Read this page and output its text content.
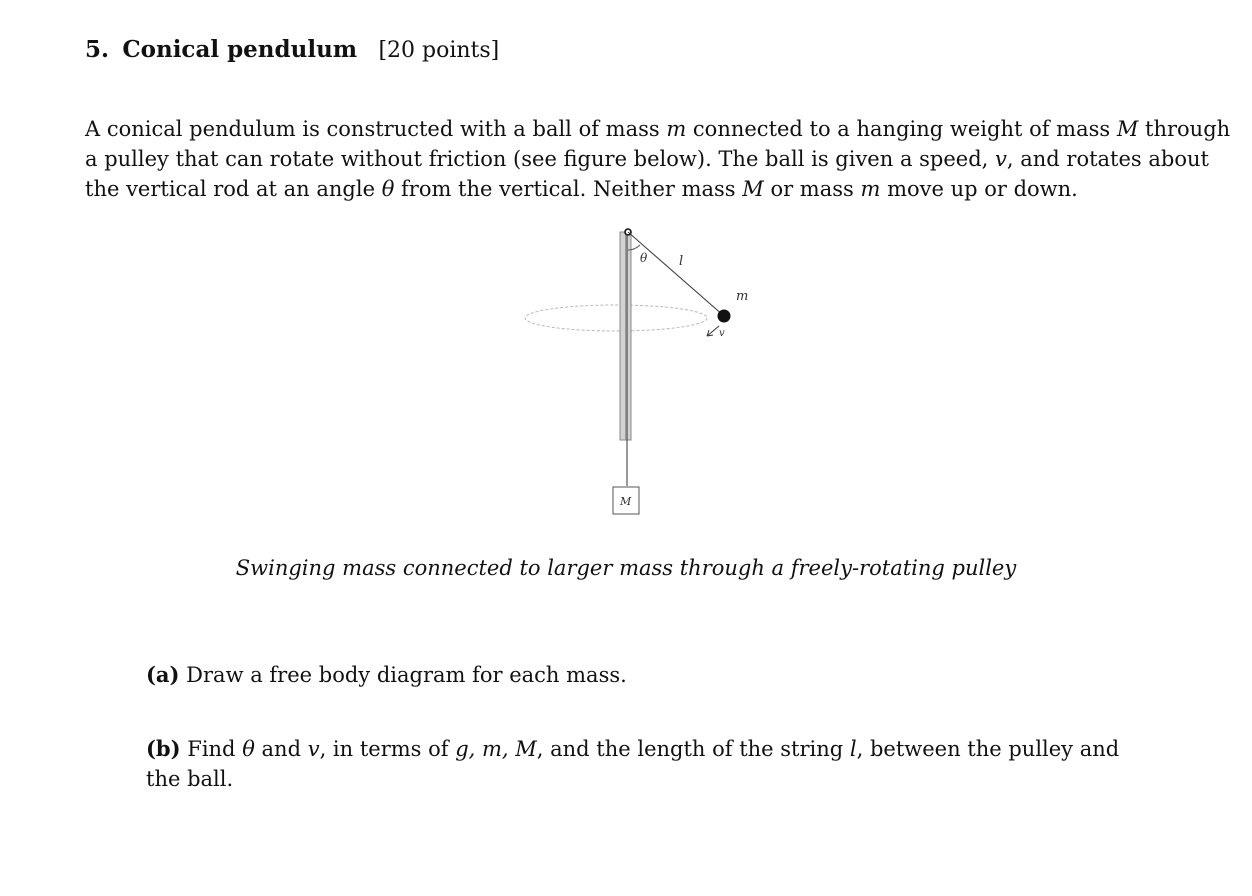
5. Conical pendulum [20 points]
A conical pendulum is constructed with a ball of mass m connected to a hanging weight of mass M through
a pulley that can rotate without friction (see figure below). The ball is given a speed, v, and rotates about
the vertical rod at an angle θ from the vertical. Neither mass M or mass m move up or down.
θ l
m
v
M
Swinging mass connected to larger mass through a freely-rotating pulley
(a) Draw a free body diagram for each mass.
(b) Find θ and v, in terms of g, m, M, and the length of the string l, between the pulley and
the ball.
